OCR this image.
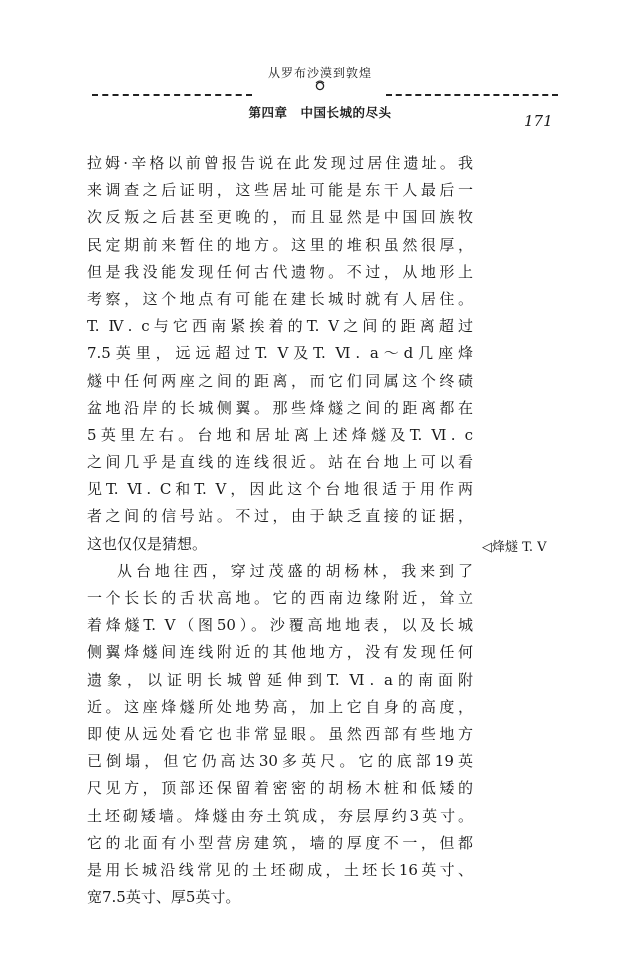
从罗布沙漠到敦煌
第四章　中国长城的尽头	171
拉姆·辛格以前曾报告说在此发现过居住遗址。我
来调查之后证明，这些居址可能是东干人最后一
次反叛之后甚至更晚的，而且显然是中国回族牧
民定期前来暂住的地方。这里的堆积虽然很厚，
但是我没能发现任何古代遗物。不过，从地形上
考察，这个地点有可能在建长城时就有人居住。
T. Ⅳ. c与它西南紧挨着的T. Ⅴ之间的距离超过
7.5英里，远远超过T. Ⅴ及T. Ⅵ. a～d几座烽
燧中任何两座之间的距离，而它们同属这个终碛
盆地沿岸的长城侧翼。那些烽燧之间的距离都在
5英里左右。台地和居址离上述烽燧及T. Ⅵ. c
之间几乎是直线的连线很近。站在台地上可以看
见T. Ⅵ. C和T. Ⅴ，因此这个台地很适于用作两
者之间的信号站。不过，由于缺乏直接的证据，
这也仅仅是猜想。
从台地往西，穿过茂盛的胡杨林，我来到了
一个长长的舌状高地。它的西南边缘附近，耸立
着烽燧T. Ⅴ（图50）。沙覆高地地表，以及长城
侧翼烽燧间连线附近的其他地方，没有发现任何
遗象，以证明长城曾延伸到T. Ⅵ. a的南面附
近。这座烽燧所处地势高，加上它自身的高度，
即使从远处看它也非常显眼。虽然西部有些地方
已倒塌，但它仍高达30多英尺。它的底部19英
尺见方，顶部还保留着密密的胡杨木桩和低矮的
土坯砌矮墙。烽燧由夯土筑成，夯层厚约3英寸。
它的北面有小型营房建筑，墙的厚度不一，但都
是用长城沿线常见的土坯砌成，土坯长16英寸、
宽7.5英寸、厚5英寸。
◁烽燧 T. Ⅴ
